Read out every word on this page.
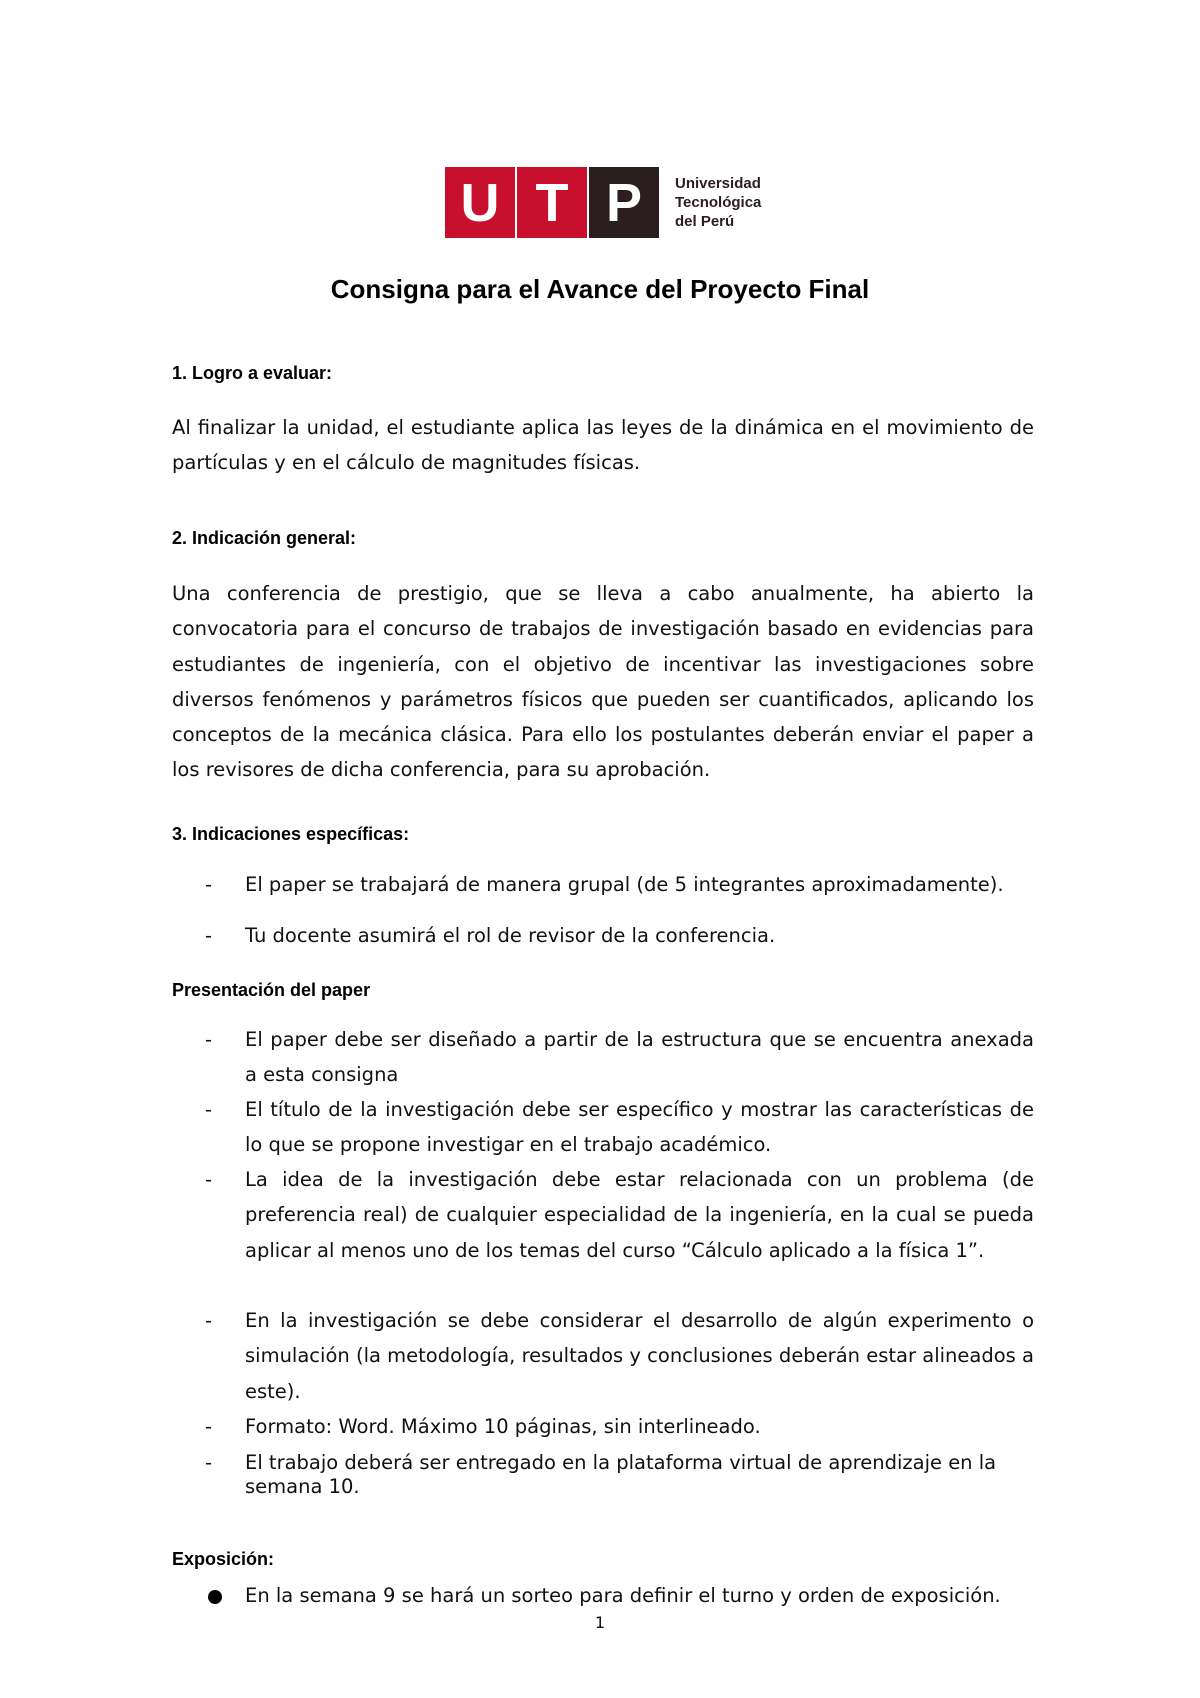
U T P	Universidad
Tecnológica
del Perú
Consigna para el Avance del Proyecto Final
1. Logro a evaluar:

Al finalizar la unidad, el estudiante aplica las leyes de la dinámica en el movimiento de partículas y en el cálculo de magnitudes físicas.

2. Indicación general:

Una conferencia de prestigio, que se lleva a cabo anualmente, ha abierto la convocatoria para el concurso de trabajos de investigación basado en evidencias para estudiantes de ingeniería, con el objetivo de incentivar las investigaciones sobre diversos fenómenos y parámetros físicos que pueden ser cuantificados, aplicando los conceptos de la mecánica clásica. Para ello los postulantes deberán enviar el paper a los revisores de dicha conferencia, para su aprobación.

3. Indicaciones específicas:
- El paper se trabajará de manera grupal (de 5 integrantes aproximadamente).
- Tu docente asumirá el rol de revisor de la conferencia.
Presentación del paper
- El paper debe ser diseñado a partir de la estructura que se encuentra anexada a esta consigna
- El título de la investigación debe ser específico y mostrar las características de lo que se propone investigar en el trabajo académico.
- La idea de la investigación debe estar relacionada con un problema (de preferencia real) de cualquier especialidad de la ingeniería, en la cual se pueda aplicar al menos uno de los temas del curso “Cálculo aplicado a la física 1”.
- En la investigación se debe considerar el desarrollo de algún experimento o simulación (la metodología, resultados y conclusiones deberán estar alineados a este).
- Formato: Word. Máximo 10 páginas, sin interlineado.
- El trabajo deberá ser entregado en la plataforma virtual de aprendizaje en la semana 10.
Exposición:
En la semana 9 se hará un sorteo para definir el turno y orden de exposición.
1
